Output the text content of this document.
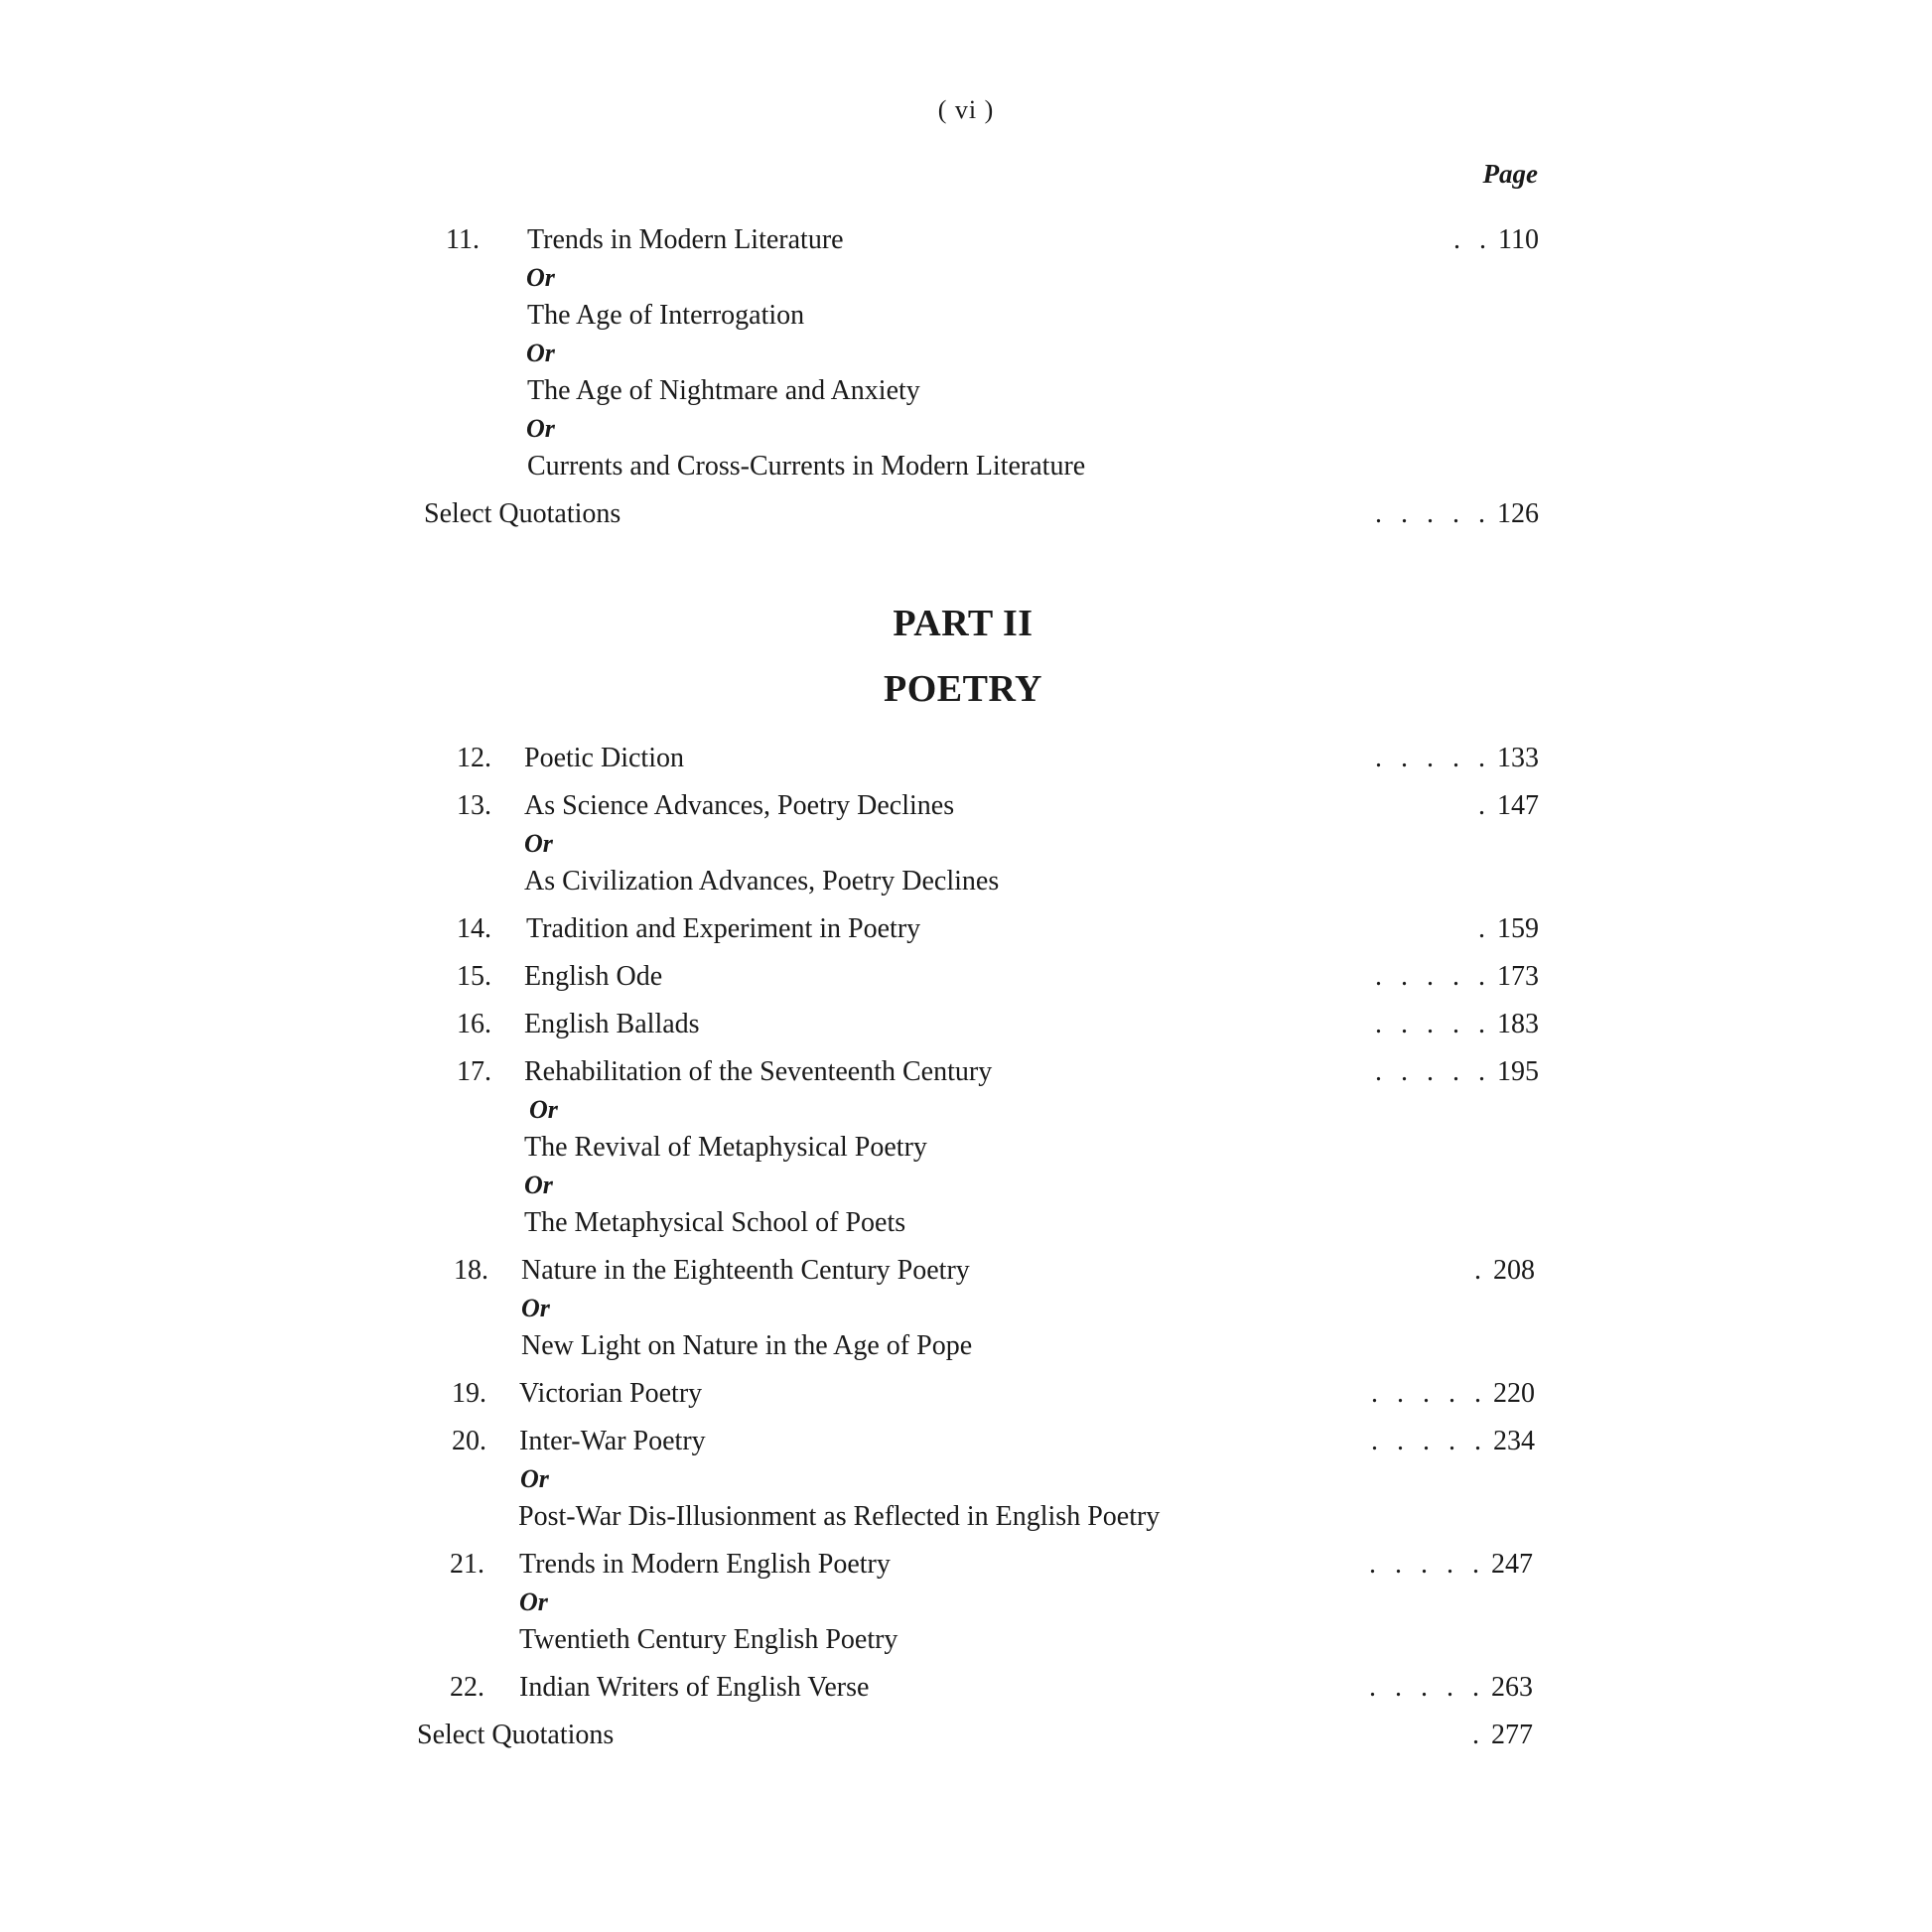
( vi )
Page
11. Trends in Modern Literature	. . 110
Or
The Age of Interrogation
Or
The Age of Nightmare and Anxiety
Or
Currents and Cross-Currents in Modern Literature
Select Quotations	. . . . . 126
PART II
POETRY
12. Poetic Diction	. . . . . 133
13. As Science Advances, Poetry Declines	. 147
Or
As Civilization Advances, Poetry Declines
14. Tradition and Experiment in Poetry	. 159
15. English Ode	. . . . . 173
16. English Ballads	. . . . . 183
17. Rehabilitation of the Seventeenth Century	. . . . . 195
Or
The Revival of Metaphysical Poetry
Or
The Metaphysical School of Poets
18. Nature in the Eighteenth Century Poetry	. 208
Or
New Light on Nature in the Age of Pope
19. Victorian Poetry	. . . . . 220
20. Inter-War Poetry	. . . . . 234
Or
Post-War Dis-Illusionment as Reflected in English Poetry
21. Trends in Modern English Poetry	. . . . . 247
Or
Twentieth Century English Poetry
22. Indian Writers of English Verse	. . . . . 263
Select Quotations	. 277
